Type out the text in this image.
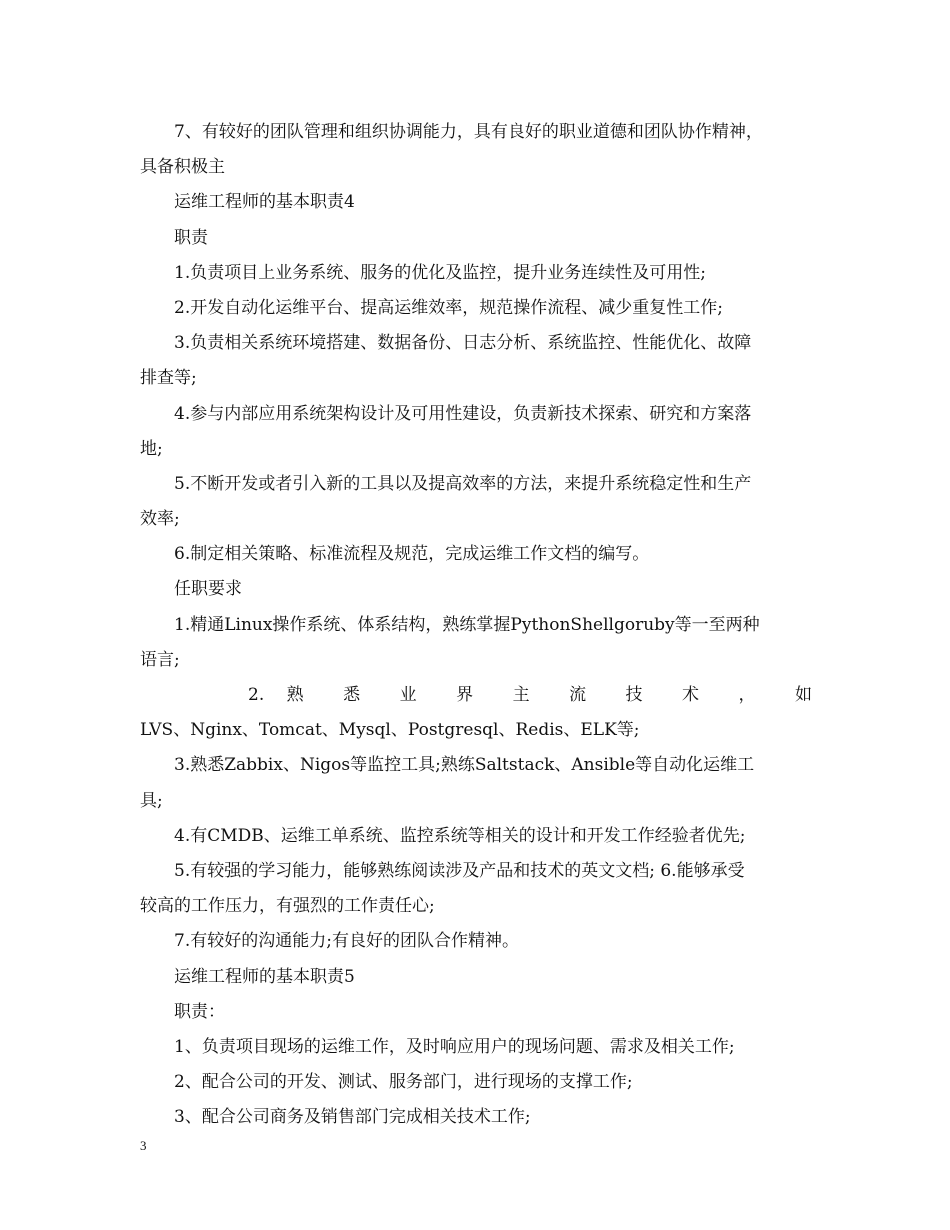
7、有较好的团队管理和组织协调能力，具有良好的职业道德和团队协作精神，
具备积极主
运维工程师的基本职责4
职责
1.负责项目上业务系统、服务的优化及监控，提升业务连续性及可用性;
2.开发自动化运维平台、提高运维效率，规范操作流程、减少重复性工作;
3.负责相关系统环境搭建、数据备份、日志分析、系统监控、性能优化、故障
排查等;
4.参与内部应用系统架构设计及可用性建设，负责新技术探索、研究和方案落
地;
5.不断开发或者引入新的工具以及提高效率的方法，来提升系统稳定性和生产
效率;
6.制定相关策略、标准流程及规范，完成运维工作文档的编写。
任职要求
1.精通Linux操作系统、体系结构，熟练掌握PythonShellgoruby等一至两种
语言;
2. 熟 悉 业 界 主 流 技 术 ， 如
LVS、Nginx、Tomcat、Mysql、Postgresql、Redis、ELK等;
3.熟悉Zabbix、Nigos等监控工具;熟练Saltstack、Ansible等自动化运维工
具;
4.有CMDB、运维工单系统、监控系统等相关的设计和开发工作经验者优先;
5.有较强的学习能力，能够熟练阅读涉及产品和技术的英文文档; 6.能够承受
较高的工作压力，有强烈的工作责任心;
7.有较好的沟通能力;有良好的团队合作精神。
运维工程师的基本职责5
职责：
1、负责项目现场的运维工作，及时响应用户的现场问题、需求及相关工作;
2、配合公司的开发、测试、服务部门，进行现场的支撑工作;
3、配合公司商务及销售部门完成相关技术工作;
3
